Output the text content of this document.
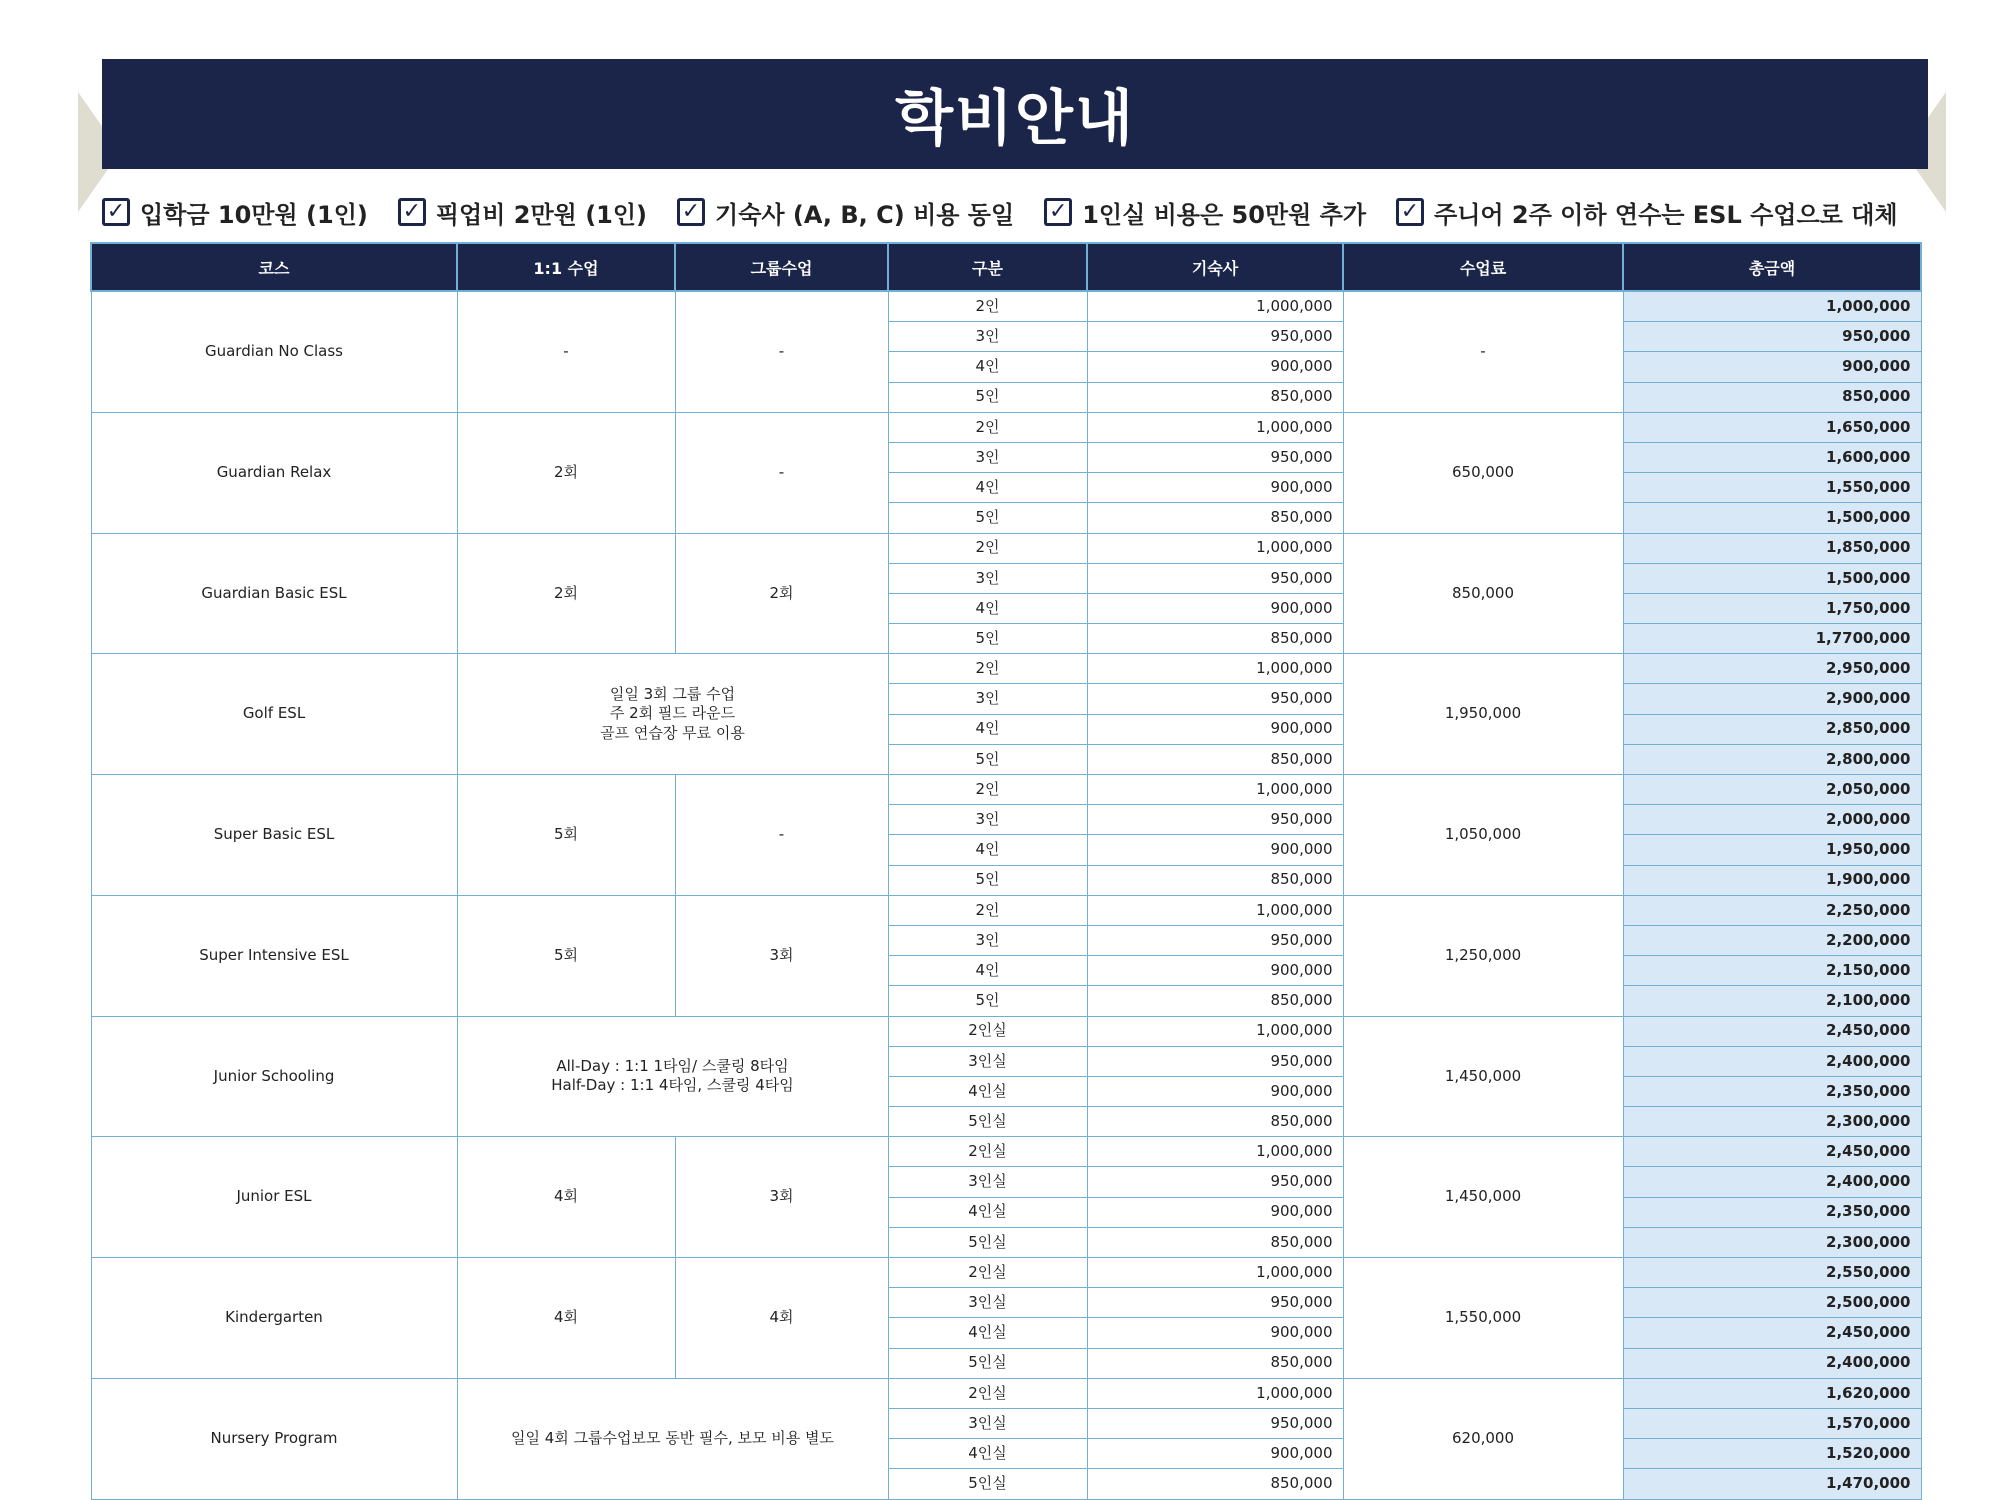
학비안내
✓ 입학금 10만원 (1인) ✓ 픽업비 2만원 (1인) ✓ 기숙사 (A, B, C) 비용 동일 ✓ 1인실 비용은 50만원 추가 ✓ 주니어 2주 이하 연수는 ESL 수업으로 대체
코스	1:1 수업	그룹수업	구분	기숙사	수업료	총금액
Guardian No Class	-	-	2인	1,000,000	-	1,000,000
			3인	950,000		950,000
			4인	900,000		900,000
			5인	850,000		850,000
Guardian Relax	2회	-	2인	1,000,000	650,000	1,650,000
			3인	950,000		1,600,000
			4인	900,000		1,550,000
			5인	850,000		1,500,000
Guardian Basic ESL	2회	2회	2인	1,000,000	850,000	1,850,000
			3인	950,000		1,500,000
			4인	900,000		1,750,000
			5인	850,000		1,7700,000
Golf ESL	일일 3회 그룹 수업
주 2회 필드 라운드
골프 연습장 무료 이용		2인	1,000,000	1,950,000	2,950,000
			3인	950,000		2,900,000
			4인	900,000		2,850,000
			5인	850,000		2,800,000
Super Basic ESL	5회	-	2인	1,000,000	1,050,000	2,050,000
			3인	950,000		2,000,000
			4인	900,000		1,950,000
			5인	850,000		1,900,000
Super Intensive ESL	5회	3회	2인	1,000,000	1,250,000	2,250,000
			3인	950,000		2,200,000
			4인	900,000		2,150,000
			5인	850,000		2,100,000
Junior Schooling	All-Day : 1:1 1타임/ 스쿨링 8타임
Half-Day : 1:1 4타임, 스쿨링 4타임		2인실	1,000,000	1,450,000	2,450,000
			3인실	950,000		2,400,000
			4인실	900,000		2,350,000
			5인실	850,000		2,300,000
Junior ESL	4회	3회	2인실	1,000,000	1,450,000	2,450,000
			3인실	950,000		2,400,000
			4인실	900,000		2,350,000
			5인실	850,000		2,300,000
Kindergarten	4회	4회	2인실	1,000,000	1,550,000	2,550,000
			3인실	950,000		2,500,000
			4인실	900,000		2,450,000
			5인실	850,000		2,400,000
Nursery Program	일일 4회 그룹수업보모 동반 필수, 보모 비용 별도		2인실	1,000,000	620,000	1,620,000
			3인실	950,000		1,570,000
			4인실	900,000		1,520,000
			5인실	850,000		1,470,000
